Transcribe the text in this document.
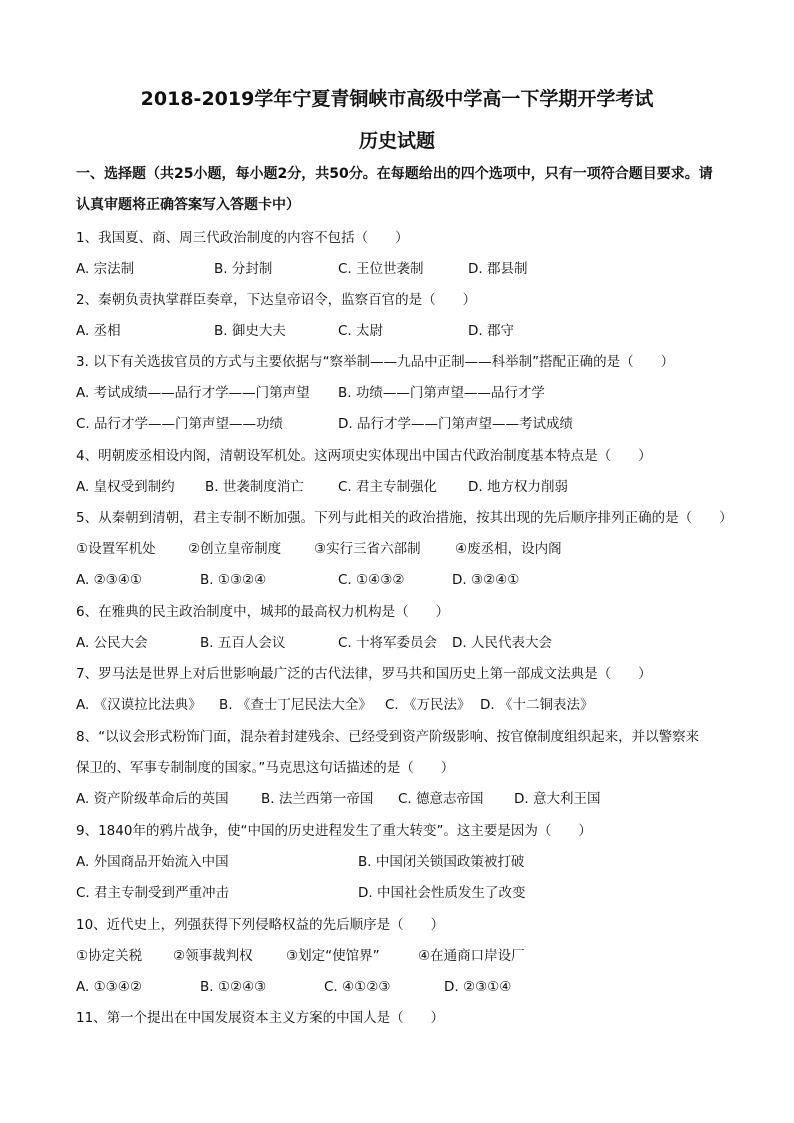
2018-2019学年宁夏青铜峡市高级中学高一下学期开学考试
历史试题
一、选择题（共25小题，每小题2分，共50分。在每题给出的四个选项中，只有一项符合题目要求。请
认真审题将正确答案写入答题卡中）
1、我国夏、商、周三代政治制度的内容不包括（　　）
A. 宗法制	B. 分封制	C. 王位世袭制	D. 郡县制
2、秦朝负责执掌群臣奏章，下达皇帝诏令，监察百官的是（　　）
A. 丞相	B. 御史大夫	C. 太尉	D. 郡守
3. 以下有关选拔官员的方式与主要依据与“察举制——九品中正制——科举制”搭配正确的是（　　）
A. 考试成绩——品行才学——门第声望 B. 功绩——门第声望——品行才学
C. 品行才学——门第声望——功绩	D. 品行才学——门第声望——考试成绩
4、明朝废丞相设内阁，清朝设军机处。这两项史实体现出中国古代政治制度基本特点是（　　）
A. 皇权受到制约 B. 世袭制度消亡	C. 君主专制强化 D. 地方权力削弱
5、从秦朝到清朝，君主专制不断加强。下列与此相关的政治措施，按其出现的先后顺序排列正确的是（　　）
①设置军机处 ②创立皇帝制度 ③实行三省六部制	④废丞相，设内阁
A. ②③④①	B. ①③②④	C. ①④③②	D. ③②④①
6、在雅典的民主政治制度中，城邦的最高权力机构是（　　）
A. 公民大会	B. 五百人会议	C. 十将军委员会 D. 人民代表大会
7、罗马法是世界上对后世影响最广泛的古代法律，罗马共和国历史上第一部成文法典是（　　）
A. 《汉谟拉比法典》 B. 《查士丁尼民法大全》 C. 《万民法》 D. 《十二铜表法》
8、“以议会形式粉饰门面，混杂着封建残余、已经受到资产阶级影响、按官僚制度组织起来，并以警察来
保卫的、军事专制制度的国家。”马克思这句话描述的是（　　）
A. 资产阶级革命后的英国 B. 法兰西第一帝国 C. 德意志帝国 D. 意大利王国
9、1840年的鸦片战争，使“中国的历史进程发生了重大转变”。这主要是因为（　　）
A. 外国商品开始流入中国	B. 中国闭关锁国政策被打破
C. 君主专制受到严重冲击	D. 中国社会性质发生了改变
10、近代史上，列强获得下列侵略权益的先后顺序是（　　）
①协定关税 ②领事裁判权 ③划定“使馆界”	④在通商口岸设厂
A. ①③④②	B. ①②④③	C. ④①②③	D. ②③①④
11、第一个提出在中国发展资本主义方案的中国人是（　　）
